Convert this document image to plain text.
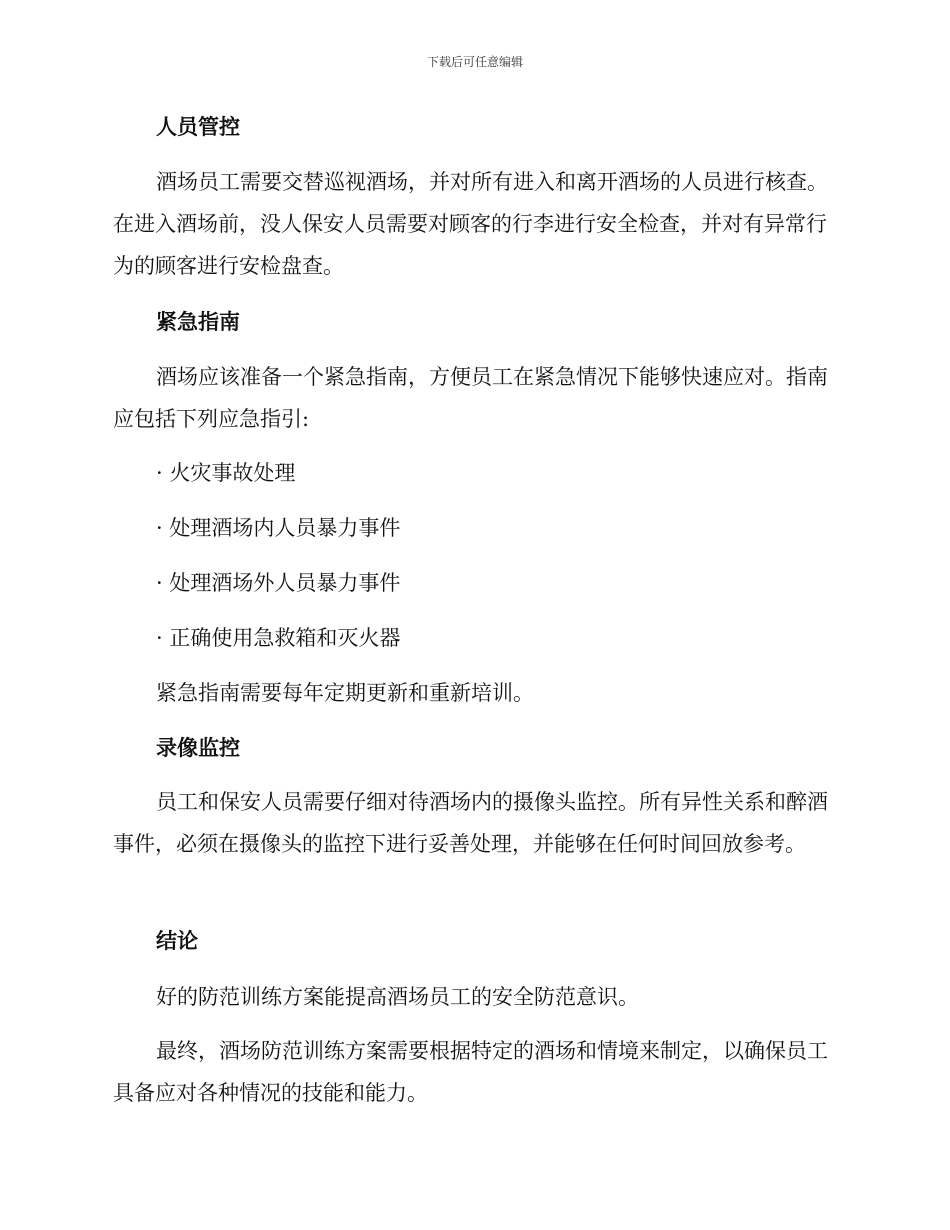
下载后可任意编辑
人员管控

酒场员工需要交替巡视酒场，并对所有进入和离开酒场的人员进行核查。在进入酒场前，没人保安人员需要对顾客的行李进行安全检查，并对有异常行为的顾客进行安检盘查。

紧急指南

酒场应该准备一个紧急指南，方便员工在紧急情况下能够快速应对。指南应包括下列应急指引:

· 火灾事故处理
· 处理酒场内人员暴力事件
· 处理酒场外人员暴力事件
· 正确使用急救箱和灭火器
紧急指南需要每年定期更新和重新培训。
录像监控

员工和保安人员需要仔细对待酒场内的摄像头监控。所有异性关系和醉酒事件，必须在摄像头的监控下进行妥善处理，并能够在任何时间回放参考。

结论
好的防范训练方案能提高酒场员工的安全防范意识。

最终，酒场防范训练方案需要根据特定的酒场和情境来制定，以确保员工具备应对各种情况的技能和能力。
